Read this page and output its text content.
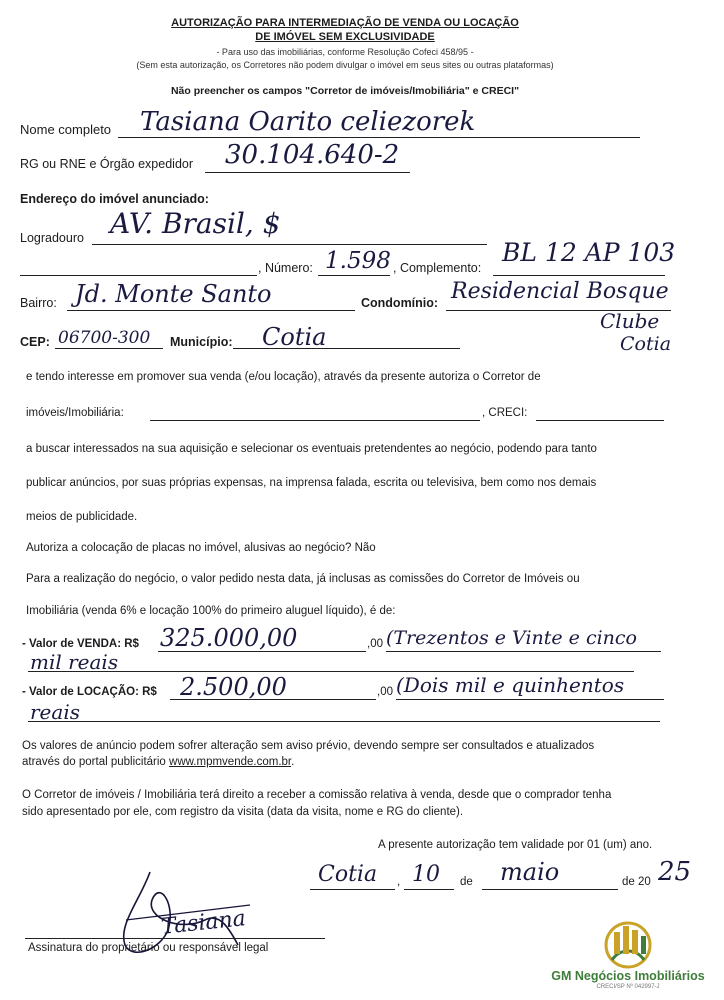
AUTORIZAÇÃO PARA INTERMEDIAÇÃO DE VENDA OU LOCAÇÃO
DE IMÓVEL SEM EXCLUSIVIDADE
- Para uso das imobiliárias, conforme Resolução Cofeci 458/95 -
(Sem esta autorização, os Corretores não podem divulgar o imóvel em seus sites ou outras plataformas)
Não preencher os campos "Corretor de imóveis/Imobiliária" e CRECI"
Nome completo Tasiana Oarito celiezorek
RG ou RNE e Órgão expedidor 30.104.640-2
Endereço do imóvel anunciado:
Logradouro AV. Brasil, $
, Número: 1.598 , Complemento:
BL 12 AP 103
Bairro: Jd. Monte Santo	Condomínio: Residencial Bosque
Clube
Cotia
CEP: 06700-300 Município: Cotia
e tendo interesse em promover sua venda (e/ou locação), através da presente autoriza o Corretor de
imóveis/Imobiliária:	, CRECI:
a buscar interessados na sua aquisição e selecionar os eventuais pretendentes ao negócio, podendo para tanto
publicar anúncios, por suas próprias expensas, na imprensa falada, escrita ou televisiva, bem como nos demais
meios de publicidade.
Autoriza a colocação de placas no imóvel, alusivas ao negócio? Não
Para a realização do negócio, o valor pedido nesta data, já inclusas as comissões do Corretor de Imóveis ou
Imobiliária (venda 6% e locação 100% do primeiro aluguel líquido), é de:
- Valor de VENDA: R$ 325.000,00	,00 (Trezentos e Vinte e cinco
mil reais
- Valor de LOCAÇÃO: R$ 2.500,00	,00 (Dois mil e quinhentos
reais
Os valores de anúncio podem sofrer alteração sem aviso prévio, devendo sempre ser consultados e atualizados
através do portal publicitário www.mpmvende.com.br.
O Corretor de imóveis / Imobiliária terá direito a receber a comissão relativa à venda, desde que o comprador tenha
sido apresentado por ele, com registro da visita (data da visita, nome e RG do cliente).
A presente autorização tem validade por 01 (um) ano.
Cotia , 10 de maio	de 20 25
Tasiana
Assinatura do proprietário ou responsável legal
GM Negócios Imobiliários
CRECI/SP Nº 042997-J
